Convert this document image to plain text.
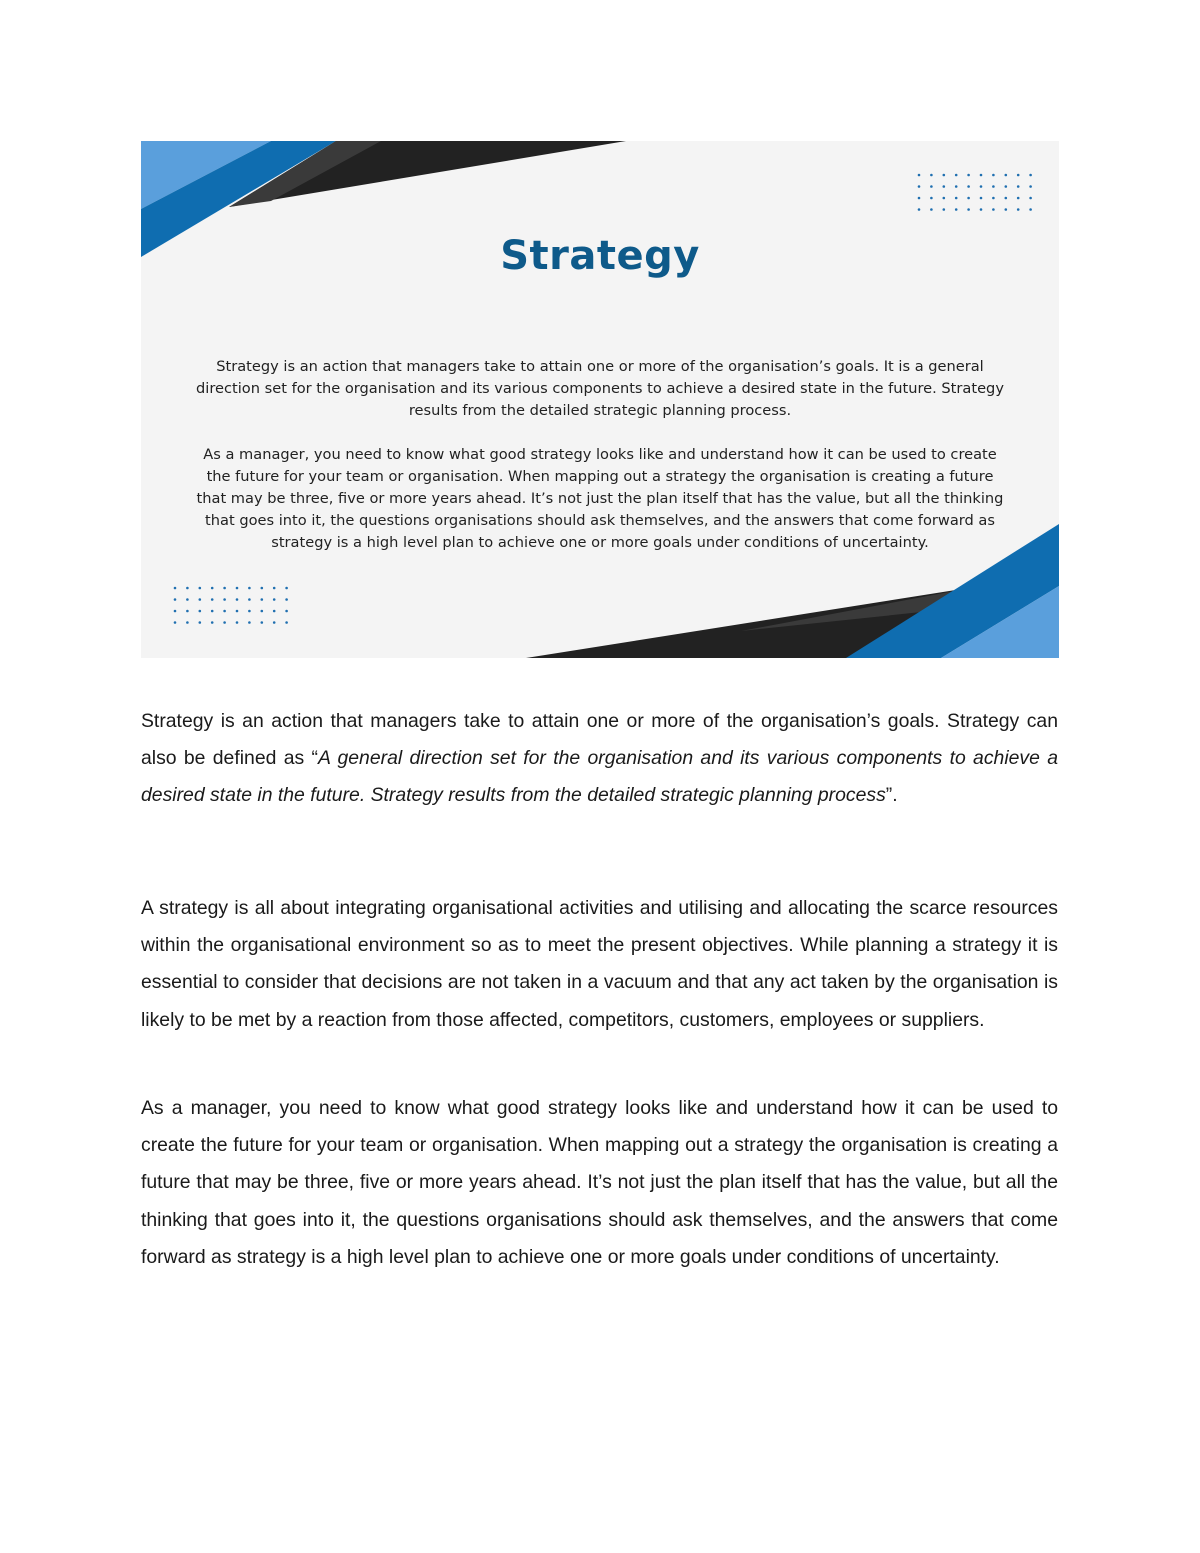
Strategy
Strategy is an action that managers take to attain one or more of the organisation’s goals. It is a general direction set for the organisation and its various components to achieve a desired state in the future. Strategy results from the detailed strategic planning process.
As a manager, you need to know what good strategy looks like and understand how it can be used to create the future for your team or organisation. When mapping out a strategy the organisation is creating a future that may be three, five or more years ahead. It’s not just the plan itself that has the value, but all the thinking that goes into it, the questions organisations should ask themselves, and the answers that come forward as strategy is a high level plan to achieve one or more goals under conditions of uncertainty.

Strategy is an action that managers take to attain one or more of the organisation’s goals. Strategy can also be defined as “A general direction set for the organisation and its various components to achieve a desired state in the future. Strategy results from the detailed strategic planning process”.

A strategy is all about integrating organisational activities and utilising and allocating the scarce resources within the organisational environment so as to meet the present objectives. While planning a strategy it is essential to consider that decisions are not taken in a vacuum and that any act taken by the organisation is likely to be met by a reaction from those affected, competitors, customers, employees or suppliers.

As a manager, you need to know what good strategy looks like and understand how it can be used to create the future for your team or organisation. When mapping out a strategy the organisation is creating a future that may be three, five or more years ahead. It’s not just the plan itself that has the value, but all the thinking that goes into it, the questions organisations should ask themselves, and the answers that come forward as strategy is a high level plan to achieve one or more goals under conditions of uncertainty.
